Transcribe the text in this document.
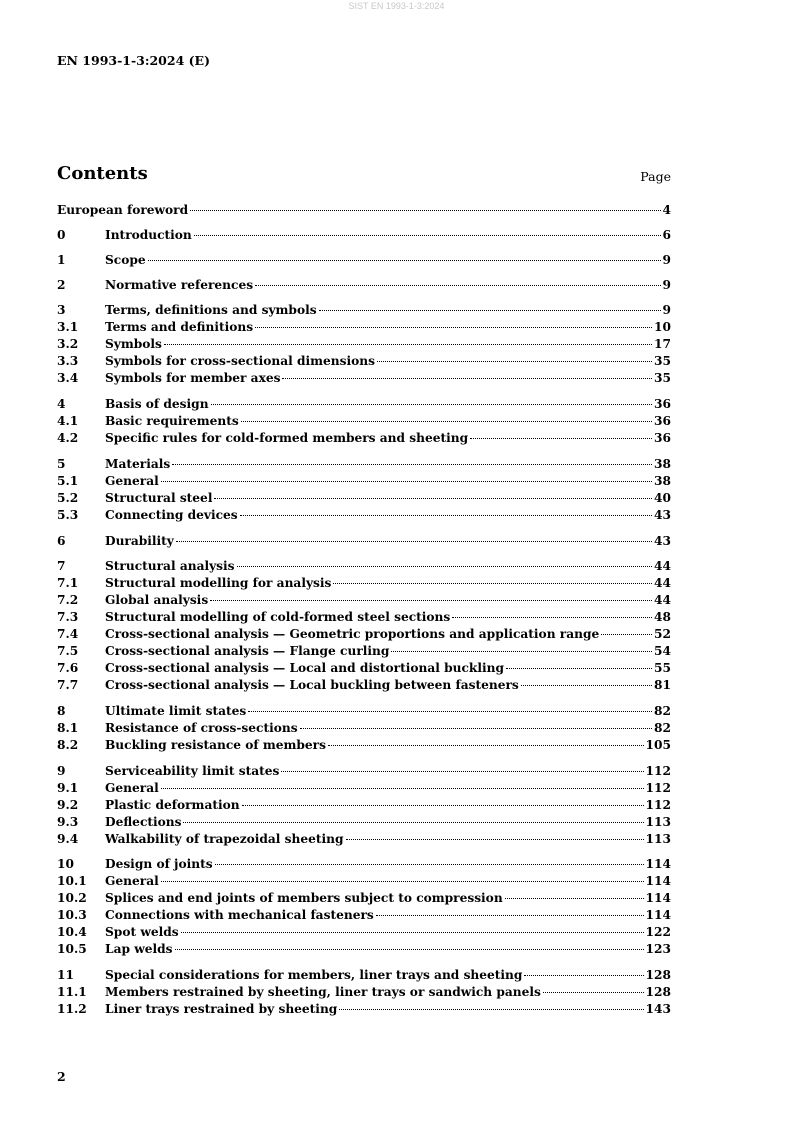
SIST EN 1993-1-3:2024
EN 1993-1-3:2024 (E)
Contents	Page
European foreword	4
0	Introduction	6
1	Scope	9
2	Normative references	9
3	Terms, definitions and symbols	9
3.1	Terms and definitions	10
3.2	Symbols	17
3.3	Symbols for cross-sectional dimensions	35
3.4	Symbols for member axes	35
4	Basis of design	36
4.1	Basic requirements	36
4.2	Specific rules for cold-formed members and sheeting	36
5	Materials	38
5.1	General	38
5.2	Structural steel	40
5.3	Connecting devices	43
6	Durability	43
7	Structural analysis	44
7.1	Structural modelling for analysis	44
7.2	Global analysis	44
7.3	Structural modelling of cold-formed steel sections	48
7.4	Cross-sectional analysis — Geometric proportions and application range	52
7.5	Cross-sectional analysis — Flange curling	54
7.6	Cross-sectional analysis — Local and distortional buckling	55
7.7	Cross-sectional analysis — Local buckling between fasteners	81
8	Ultimate limit states	82
8.1	Resistance of cross-sections	82
8.2	Buckling resistance of members	105
9	Serviceability limit states	112
9.1	General	112
9.2	Plastic deformation	112
9.3	Deflections	113
9.4	Walkability of trapezoidal sheeting	113
10	Design of joints	114
10.1	General	114
10.2	Splices and end joints of members subject to compression	114
10.3	Connections with mechanical fasteners	114
10.4	Spot welds	122
10.5	Lap welds	123
11	Special considerations for members, liner trays and sheeting	128
11.1	Members restrained by sheeting, liner trays or sandwich panels	128
11.2	Liner trays restrained by sheeting	143
2
